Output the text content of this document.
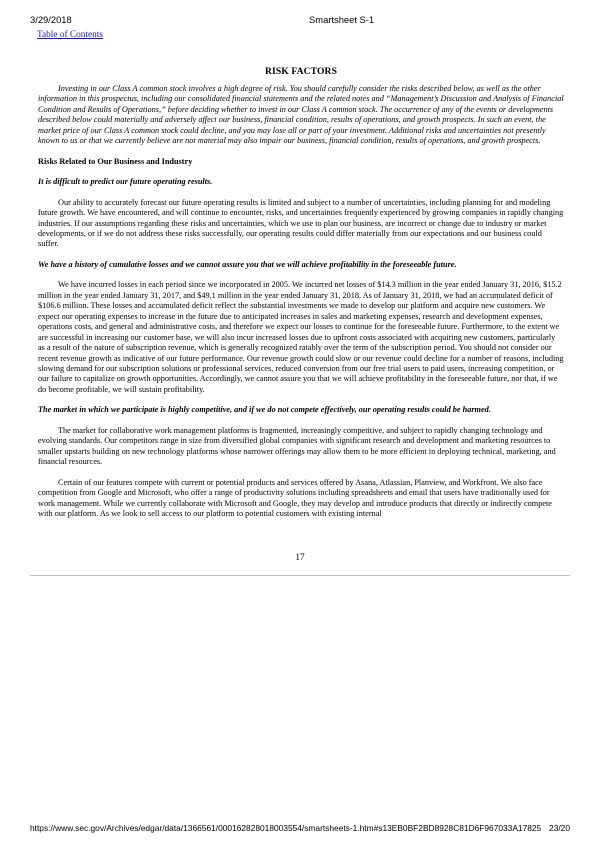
3/29/2018	Smartsheet S-1
Table of Contents

RISK FACTORS

Investing in our Class A common stock involves a high degree of risk. You should carefully consider the risks described below, as well as the other information in this prospectus, including our consolidated financial statements and the related notes and “Management’s Discussion and Analysis of Financial Condition and Results of Operations,” before deciding whether to invest in our Class A common stock. The occurrence of any of the events or developments described below could materially and adversely affect our business, financial condition, results of operations, and growth prospects. In such an event, the market price of our Class A common stock could decline, and you may lose all or part of your investment. Additional risks and uncertainties not presently known to us or that we currently believe are not material may also impair our business, financial condition, results of operations, and growth prospects.

Risks Related to Our Business and Industry

It is difficult to predict our future operating results.

Our ability to accurately forecast our future operating results is limited and subject to a number of uncertainties, including planning for and modeling future growth. We have encountered, and will continue to encounter, risks, and uncertainties frequently experienced by growing companies in rapidly changing industries. If our assumptions regarding these risks and uncertainties, which we use to plan our business, are incorrect or change due to industry or market developments, or if we do not address these risks successfully, our operating results could differ materially from our expectations and our business could suffer.

We have a history of cumulative losses and we cannot assure you that we will achieve profitability in the foreseeable future.

We have incurred losses in each period since we incorporated in 2005. We incurred net losses of $14.3 million in the year ended January 31, 2016, $15.2 million in the year ended January 31, 2017, and $49.1 million in the year ended January 31, 2018. As of January 31, 2018, we had an accumulated deficit of $106.6 million. These losses and accumulated deficit reflect the substantial investments we made to develop our platform and acquire new customers. We expect our operating expenses to increase in the future due to anticipated increases in sales and marketing expenses, research and development expenses, operations costs, and general and administrative costs, and therefore we expect our losses to continue for the foreseeable future. Furthermore, to the extent we are successful in increasing our customer base, we will also incur increased losses due to upfront costs associated with acquiring new customers, particularly as a result of the nature of subscription revenue, which is generally recognized ratably over the term of the subscription period. You should not consider our recent revenue growth as indicative of our future performance. Our revenue growth could slow or our revenue could decline for a number of reasons, including slowing demand for our subscription solutions or professional services, reduced conversion from our free trial users to paid users, increasing competition, or our failure to capitalize on growth opportunities. Accordingly, we cannot assure you that we will achieve profitability in the foreseeable future, nor that, if we do become profitable, we will sustain profitability.

The market in which we participate is highly competitive, and if we do not compete effectively, our operating results could be harmed.

The market for collaborative work management platforms is fragmented, increasingly competitive, and subject to rapidly changing technology and evolving standards. Our competitors range in size from diversified global companies with significant research and development and marketing resources to smaller upstarts building on new technology platforms whose narrower offerings may allow them to be more efficient in deploying technical, marketing, and financial resources.

Certain of our features compete with current or potential products and services offered by Asana, Atlassian, Planview, and Workfront. We also face competition from Google and Microsoft, who offer a range of productivity solutions including spreadsheets and email that users have traditionally used for work management. While we currently collaborate with Microsoft and Google, they may develop and introduce products that directly or indirectly compete with our platform. As we look to sell access to our platform to potential customers with existing internal

17
https://www.sec.gov/Archives/edgar/data/1366561/000162828018003554/smartsheets-1.htm#s13EB0BF2BD8928C81D6F967033A17825 23/20
